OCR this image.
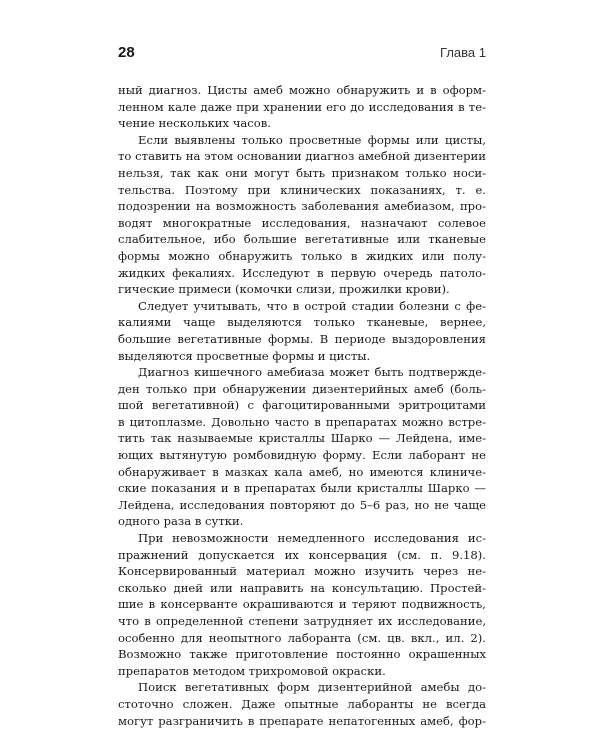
28	Глава 1
ный диагноз. Цисты амеб можно обнаружить и в оформ-
ленном кале даже при хранении его до исследования в те-
чение нескольких часов.
Если выявлены только просветные формы или цисты,
то ставить на этом основании диагноз амебной дизентерии
нельзя, так как они могут быть признаком только носи-
тельства. Поэтому при клинических показаниях, т. е.
подозрении на возможность заболевания амебиазом, про-
водят многократные исследования, назначают солевое
слабительное, ибо большие вегетативные или тканевые
формы можно обнаружить только в жидких или полу-
жидких фекалиях. Исследуют в первую очередь патоло-
гические примеси (комочки слизи, прожилки крови).
Следует учитывать, что в острой стадии болезни с фе-
калиями чаще выделяются только тканевые, вернее,
большие вегетативные формы. В периоде выздоровления
выделяются просветные формы и цисты.
Диагноз кишечного амебиаза может быть подтвержде-
ден только при обнаружении дизентерийных амеб (боль-
шой вегетативной) с фагоцитированными эритроцитами
в цитоплазме. Довольно часто в препаратах можно встре-
тить так называемые кристаллы Шарко — Лейдена, име-
ющих вытянутую ромбовидную форму. Если лаборант не
обнаруживает в мазках кала амеб, но имеются клиниче-
ские показания и в препаратах были кристаллы Шарко —
Лейдена, исследования повторяют до 5–6 раз, но не чаще
одного раза в сутки.
При невозможности немедленного исследования ис-
пражнений допускается их консервация (см. п. 9.18).
Консервированный материал можно изучить через не-
сколько дней или направить на консультацию. Простей-
шие в консерванте окрашиваются и теряют подвижность,
что в определенной степени затрудняет их исследование,
особенно для неопытного лаборанта (см. цв. вкл., ил. 2).
Возможно также приготовление постоянно окрашенных
препаратов методом трихромовой окраски.
Поиск вегетативных форм дизентерийной амебы до-
стоточно сложен. Даже опытные лаборанты не всегда
могут разграничить в препарате непатогенных амеб, фор-
